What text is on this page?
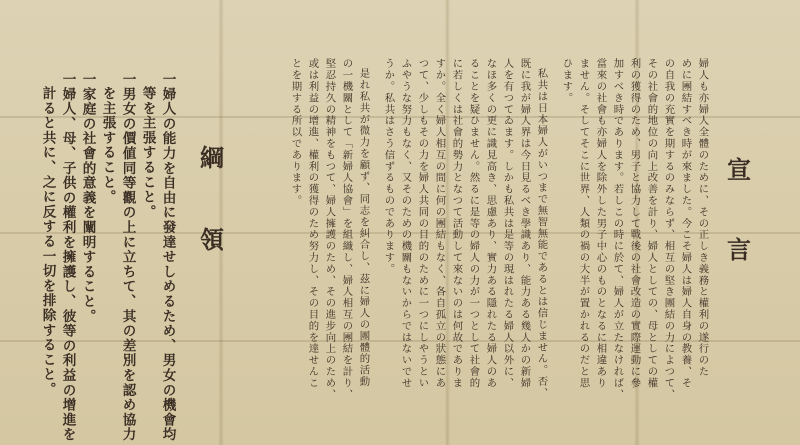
宣
言
婦人も亦婦人全體のために、その正しき義務と權利の遂行のた
めに團結すべき時が來ました。今こそ婦人は婦人自身の教養、そ
の自我の充實を期するのみならず、相互の堅き團結の力によつて、
その社會的地位の向上改善を計り、婦人としての、母としての權
利の獲得のため、男子と協力して戰後の社會改造の實際運動に參
加すべき時であります。若しこの時に於て、婦人が立たなければ、
當來の社會も亦婦人を除外した男子中心のものとなるに相違あり
ません。そしてそこに世界、人類の禍の大半が置かれるのだと思
ひます。
私共は日本婦人がいつまで無智無能であるとは信じません。否、
既に我が婦人界は今日見るべき學識あり、能力ある幾人かの新婦
人を有つてゐます。しかも私共は是等の現はれたる婦人以外に、
なほ多くの更に識見高き、思慮あり、實力ある隱れたる婦人のあ
ることを疑ひません。然るに是等の婦人の力が一つとして社會的
に若しくは社會的勢力となつて活動して來ないのは何故でありま
すか。全く婦人相互の間に何の團結もなく、各自孤立の狀態にあ
つて、少しもその力を婦人共同の目的のために一つにしやうとい
ふやうな努力もなく、又そのための機關もないからではないでせ
うか。私共はさう信ずるものであります。
是れ私共が微力を顧ず、同志を糾合し、茲に婦人の團體的活動
の一機關として「新婦人協會」を組織し、婦人相互の團結を計り、
堅忍持久の精神をもつて、婦人擁護のため、その進步向上のため、
或は利益の增進、權利の獲得のため努力し、その目的を達せんこ
とを期する所以であります。
綱
領
一婦人の能力を自由に發達せしめるため、男女の機會均
等を主張すること。
一男女の價値同等觀の上に立ちて、其の差別を認め協力
を主張すること。
一家庭の社會的意義を闡明すること。
一婦人、母、子供の權利を擁護し、彼等の利益の增進を
計ると共に、之に反する一切を排除すること。
